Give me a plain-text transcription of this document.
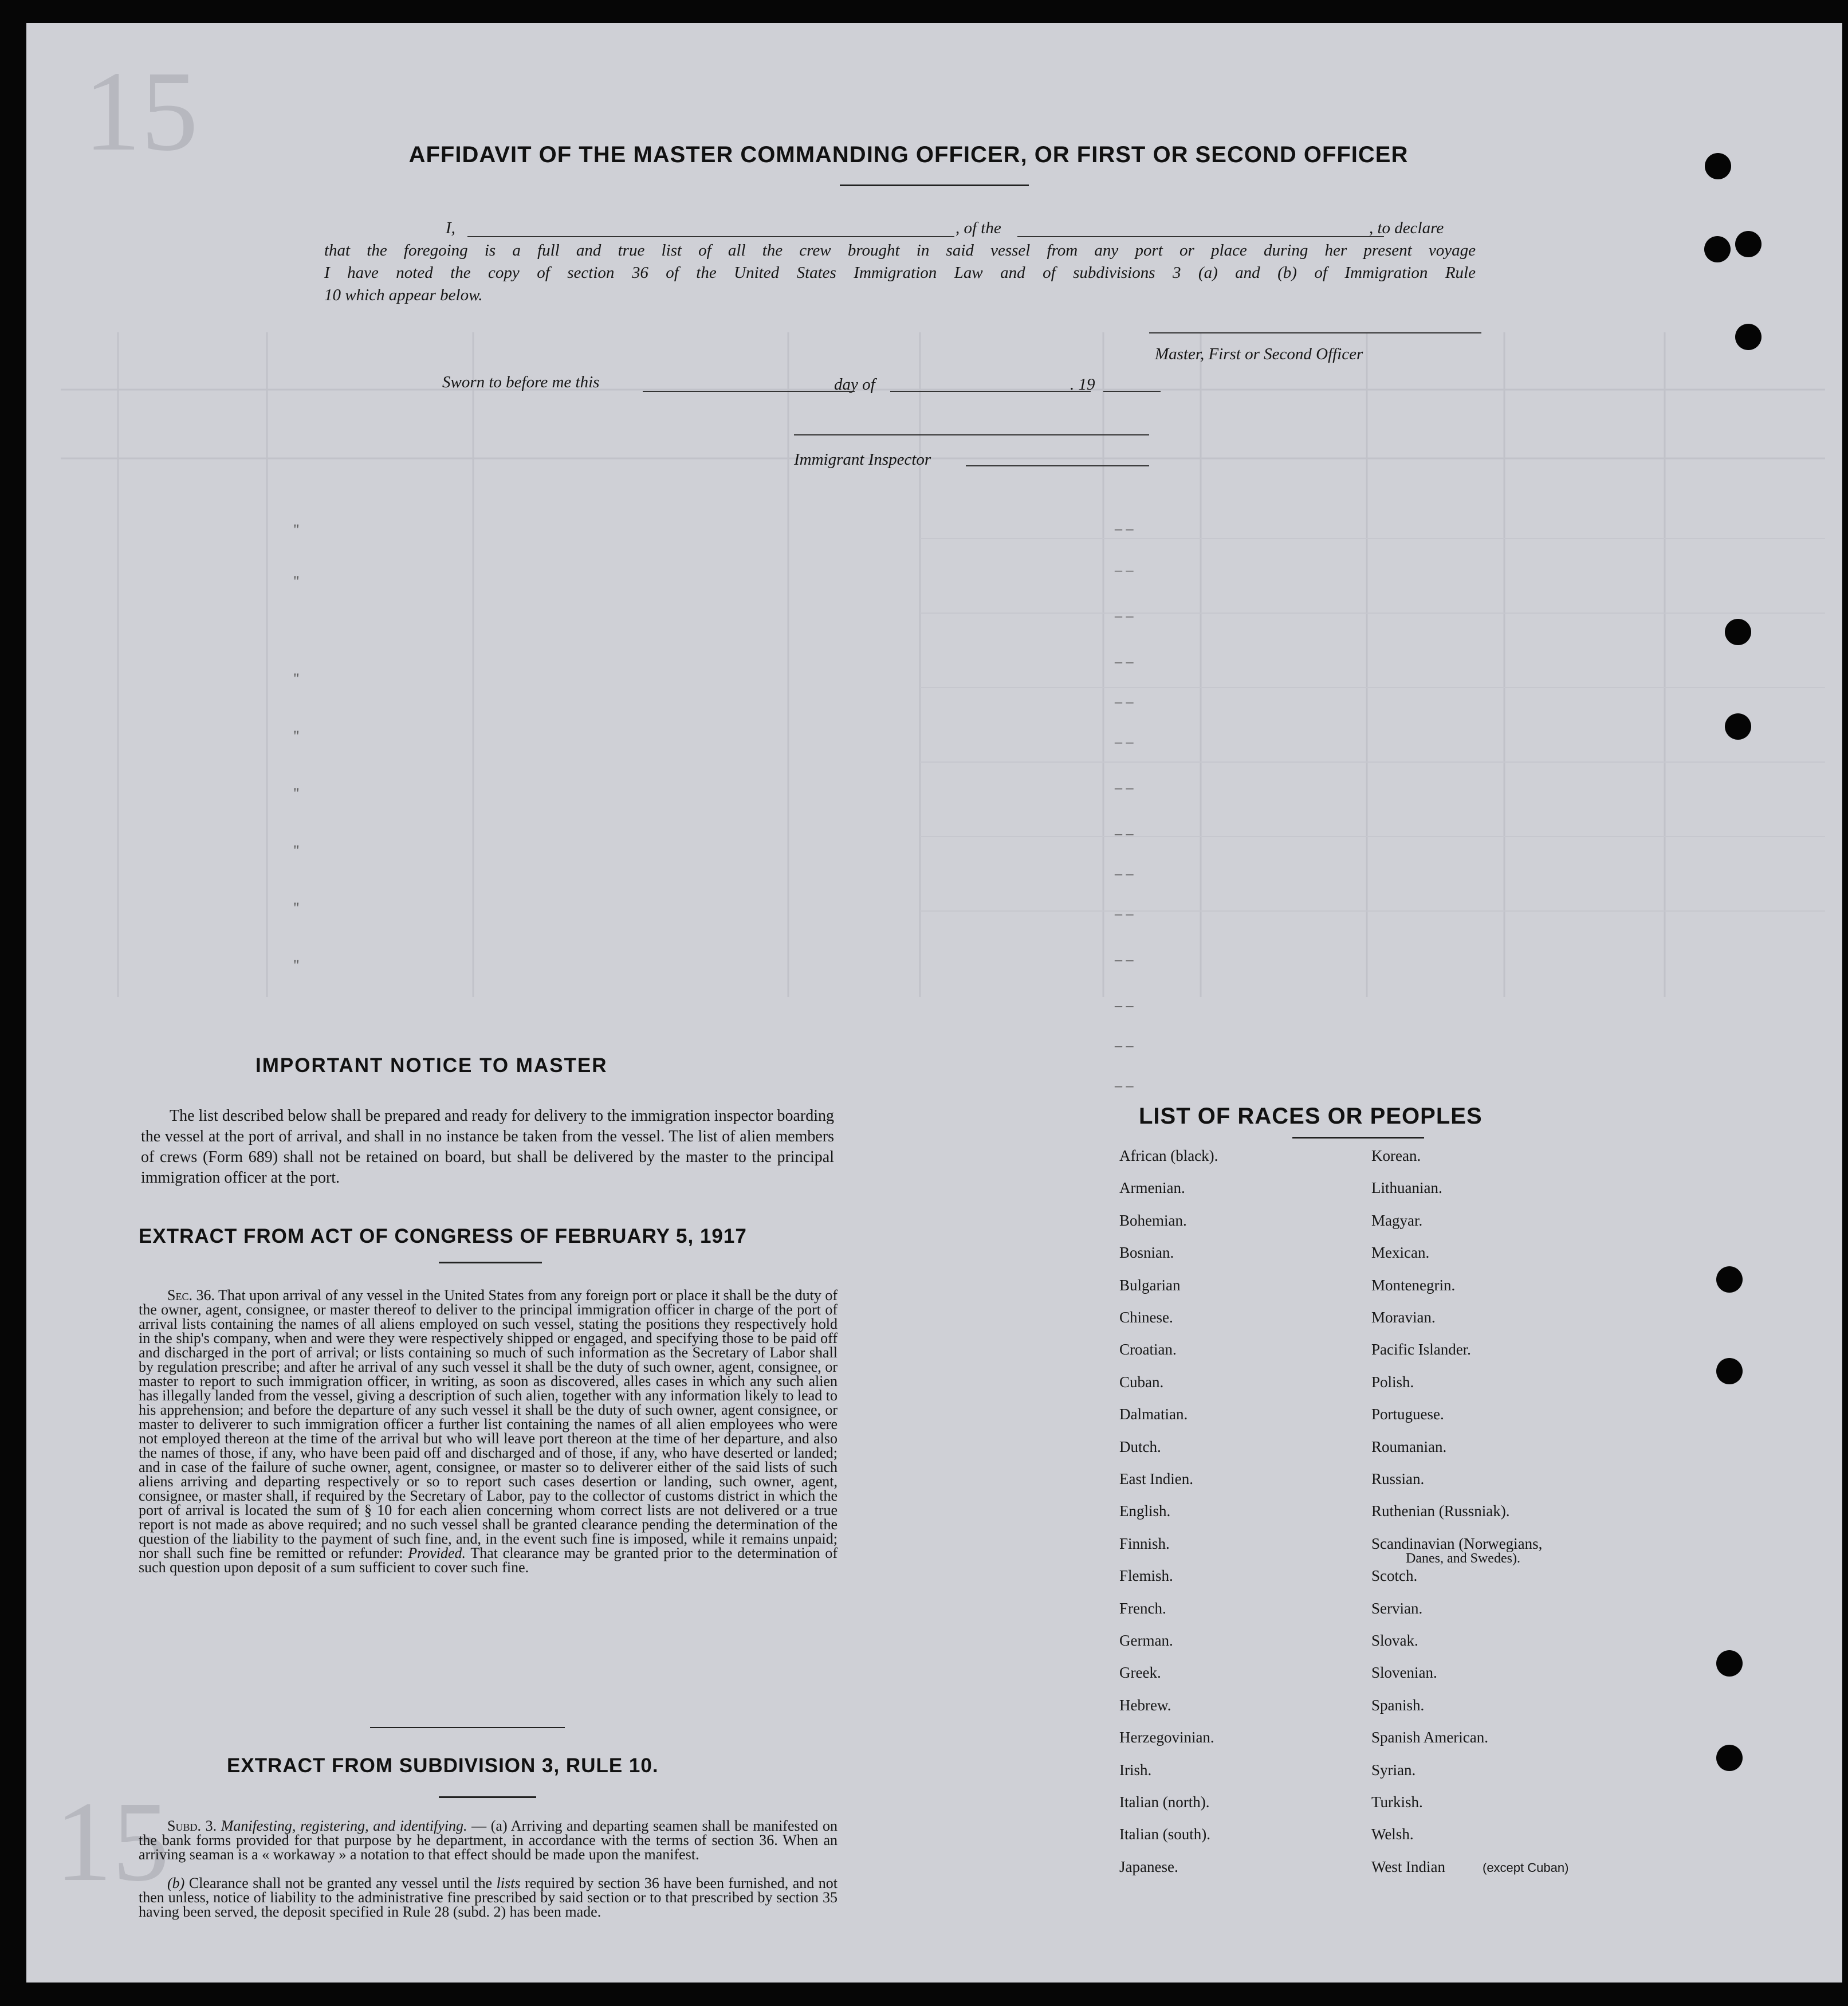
15
15
AFFIDAVIT OF THE MASTER COMMANDING OFFICER, OR FIRST OR SECOND OFFICER
I,	, of the	, to declare
that the foregoing is a full and true list of all the crew brought in said vessel from any port or place during her present voyage
I have noted the copy of section 36 of the United States Immigration Law and of subdivisions 3 (a) and (b) of Immigration Rule
10 which appear below.
Master, First or Second Officer
Sworn to before me this	day of	. 19
Immigrant Inspector
IMPORTANT NOTICE TO MASTER
The list described below shall be prepared and ready for delivery to the immigration inspector boarding the vessel at the port of arrival, and shall in no instance be taken from the vessel. The list of alien members of crews (Form 689) shall not be retained on board, but shall be delivered by the master to the principal immigration officer at the port.
EXTRACT FROM ACT OF CONGRESS OF FEBRUARY 5, 1917
Sec. 36. That upon arrival of any vessel in the United States from any foreign port or place it shall be the duty of the owner, agent, consignee, or master thereof to deliver to the principal immigration officer in charge of the port of arrival lists containing the names of all aliens employed on such vessel, stating the positions they respectively hold in the ship's company, when and were they were respectively shipped or engaged, and specifying those to be paid off and discharged in the port of arrival; or lists containing so much of such information as the Secretary of Labor shall by regulation prescribe; and after he arrival of any such vessel it shall be the duty of such owner, agent, consignee, or master to report to such immigration officer, in writing, as soon as discovered, alles cases in which any such alien has illegally landed from the vessel, giving a description of such alien, together with any information likely to lead to his apprehension; and before the departure of any such vessel it shall be the duty of such owner, agent consignee, or master to deliverer to such immigration officer a further list containing the names of all alien employees who were not employed thereon at the time of the arrival but who will leave port thereon at the time of her departure, and also the names of those, if any, who have been paid off and discharged and of those, if any, who have deserted or landed; and in case of the failure of suche owner, agent, consignee, or master so to deliverer either of the said lists of such aliens arriving and departing respectively or so to report such cases desertion or landing, such owner, agent, consignee, or master shall, if required by the Secretary of Labor, pay to the collector of customs district in which the port of arrival is located the sum of § 10 for each alien concerning whom correct lists are not delivered or a true report is not made as above required; and no such vessel shall be granted clearance pending the determination of the question of the liability to the payment of such fine, and, in the event such fine is imposed, while it remains unpaid; nor shall such fine be remitted or refunder: Provided. That clearance may be granted prior to the determination of such question upon deposit of a sum sufficient to cover such fine.
EXTRACT FROM SUBDIVISION 3, RULE 10.
Subd. 3. Manifesting, registering, and identifying. — (a) Arriving and departing seamen shall be manifested on the bank forms provided for that purpose by he department, in accordance with the terms of section 36. When an arriving seaman is a « workaway » a notation to that effect should be made upon the manifest.
(b) Clearance shall not be granted any vessel until the lists required by section 36 have been furnished, and not then unless, notice of liability to the administrative fine prescribed by said section or to that prescribed by section 35 having been served, the deposit specified in Rule 28 (subd. 2) has been made.
LIST OF RACES OR PEOPLES
African (black).
Armenian.
Bohemian.
Bosnian.
Bulgarian
Chinese.
Croatian.
Cuban.
Dalmatian.
Dutch.
East Indien.
English.
Finnish.
Flemish.
French.
German.
Greek.
Hebrew.
Herzegovinian.
Irish.
Italian (north).
Italian (south).
Japanese.
Korean.
Lithuanian.
Magyar.
Mexican.
Montenegrin.
Moravian.
Pacific Islander.
Polish.
Portuguese.
Roumanian.
Russian.
Ruthenian (Russniak).
Scandinavian (Norwegians,
Scotch.
Servian.
Slovak.
Slovenian.
Spanish.
Spanish American.
Syrian.
Turkish.
Welsh.
West Indian
Danes, and Swedes).
(except Cuban)
"
"
"
"
"
"
"
"
– –
– –
– –
– –
– –
– –
– –
– –
– –
– –
– –
– –
– –
– –
